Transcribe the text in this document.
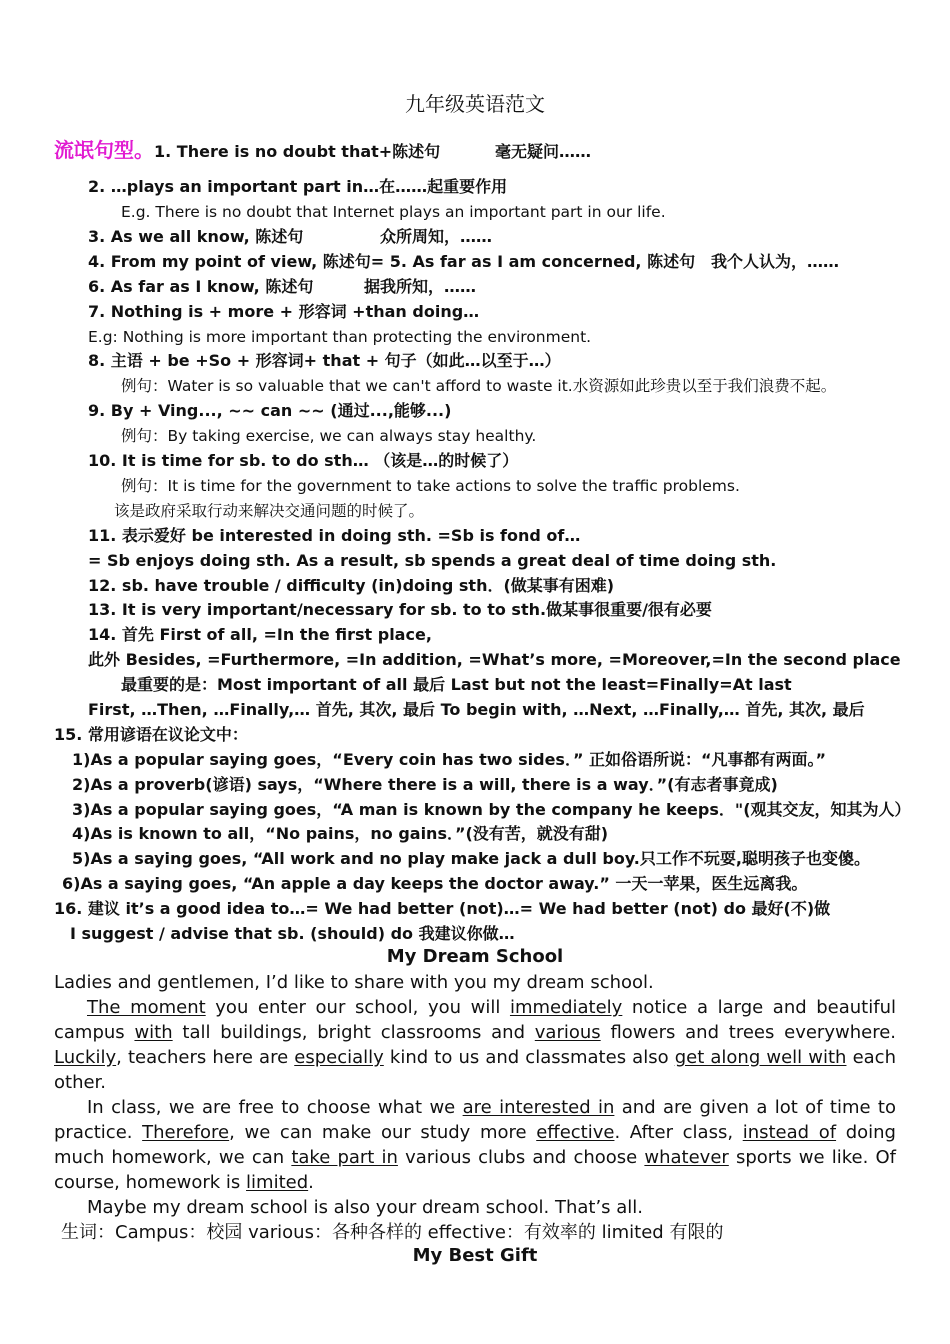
九年级英语范文
流氓句型。1. There is no doubt that+陈述句	毫无疑问……
2. …plays an important part in…在……起重要作用
E.g. There is no doubt that Internet plays an important part in our life.
3. As we all know, 陈述句	众所周知，……
4. From my point of view, 陈述句= 5. As far as I am concerned, 陈述句 我个人认为，……
6. As far as I know, 陈述句	据我所知，……
7. Nothing is + more + 形容词 +than doing…
E.g: Nothing is more important than protecting the environment.
8. 主语 + be +So + 形容词+ that + 句子（如此…以至于…）
例句：Water is so valuable that we can't afford to waste it.水资源如此珍贵以至于我们浪费不起。
9. By + Ving..., ~~ can ~~ (通过...,能够...)
例句：By taking exercise, we can always stay healthy.
10. It is time for sb. to do sth… （该是…的时候了）
例句：It is time for the government to take actions to solve the traffic problems.
该是政府采取行动来解决交通问题的时候了。
11. 表示爱好 be interested in doing sth. =Sb is fond of…
= Sb enjoys doing sth. As a result, sb spends a great deal of time doing sth.
12. sb. have trouble / difficulty (in)doing sth．(做某事有困难)
13. It is very important/necessary for sb. to to sth.做某事很重要/很有必要
14. 首先 First of all, =In the first place,
此外 Besides, =Furthermore, =In addition, =What’s more, =Moreover,=In the second place
最重要的是：Most important of all 最后 Last but not the least=Finally=At last
First, …Then, …Finally,… 首先, 其次, 最后 To begin with, …Next, …Finally,… 首先, 其次, 最后
15. 常用谚语在议论文中：
1)As a popular saying goes，“Every coin has two sides．” 正如俗语所说：“凡事都有两面。”
2)As a proverb(谚语) says，“Where there is a will, there is a way．”(有志者事竟成)
3)As a popular saying goes，“A man is known by the company he keeps．"(观其交友，知其为人）
4)As is known to all，“No pains，no gains．”(没有苦，就没有甜)
5)As a saying goes, “All work and no play make jack a dull boy.只工作不玩耍,聪明孩子也变傻。
6)As a saying goes, “An apple a day keeps the doctor away.” 一天一苹果，医生远离我。
16. 建议 it’s a good idea to…= We had better (not)…= We had better (not) do 最好(不)做
I suggest / advise that sb. (should) do 我建议你做…
My Dream School
Ladies and gentlemen, I’d like to share with you my dream school.
The moment you enter our school, you will immediately notice a large and beautiful campus with tall buildings, bright classrooms and various flowers and trees everywhere. Luckily, teachers here are especially kind to us and classmates also get along well with each other.
In class, we are free to choose what we are interested in and are given a lot of time to practice. Therefore, we can make our study more effective. After class, instead of doing much homework, we can take part in various clubs and choose whatever sports we like. Of course, homework is limited.
Maybe my dream school is also your dream school. That’s all.
生词：Campus：校园 various：各种各样的 effective：有效率的 limited 有限的
My Best Gift
